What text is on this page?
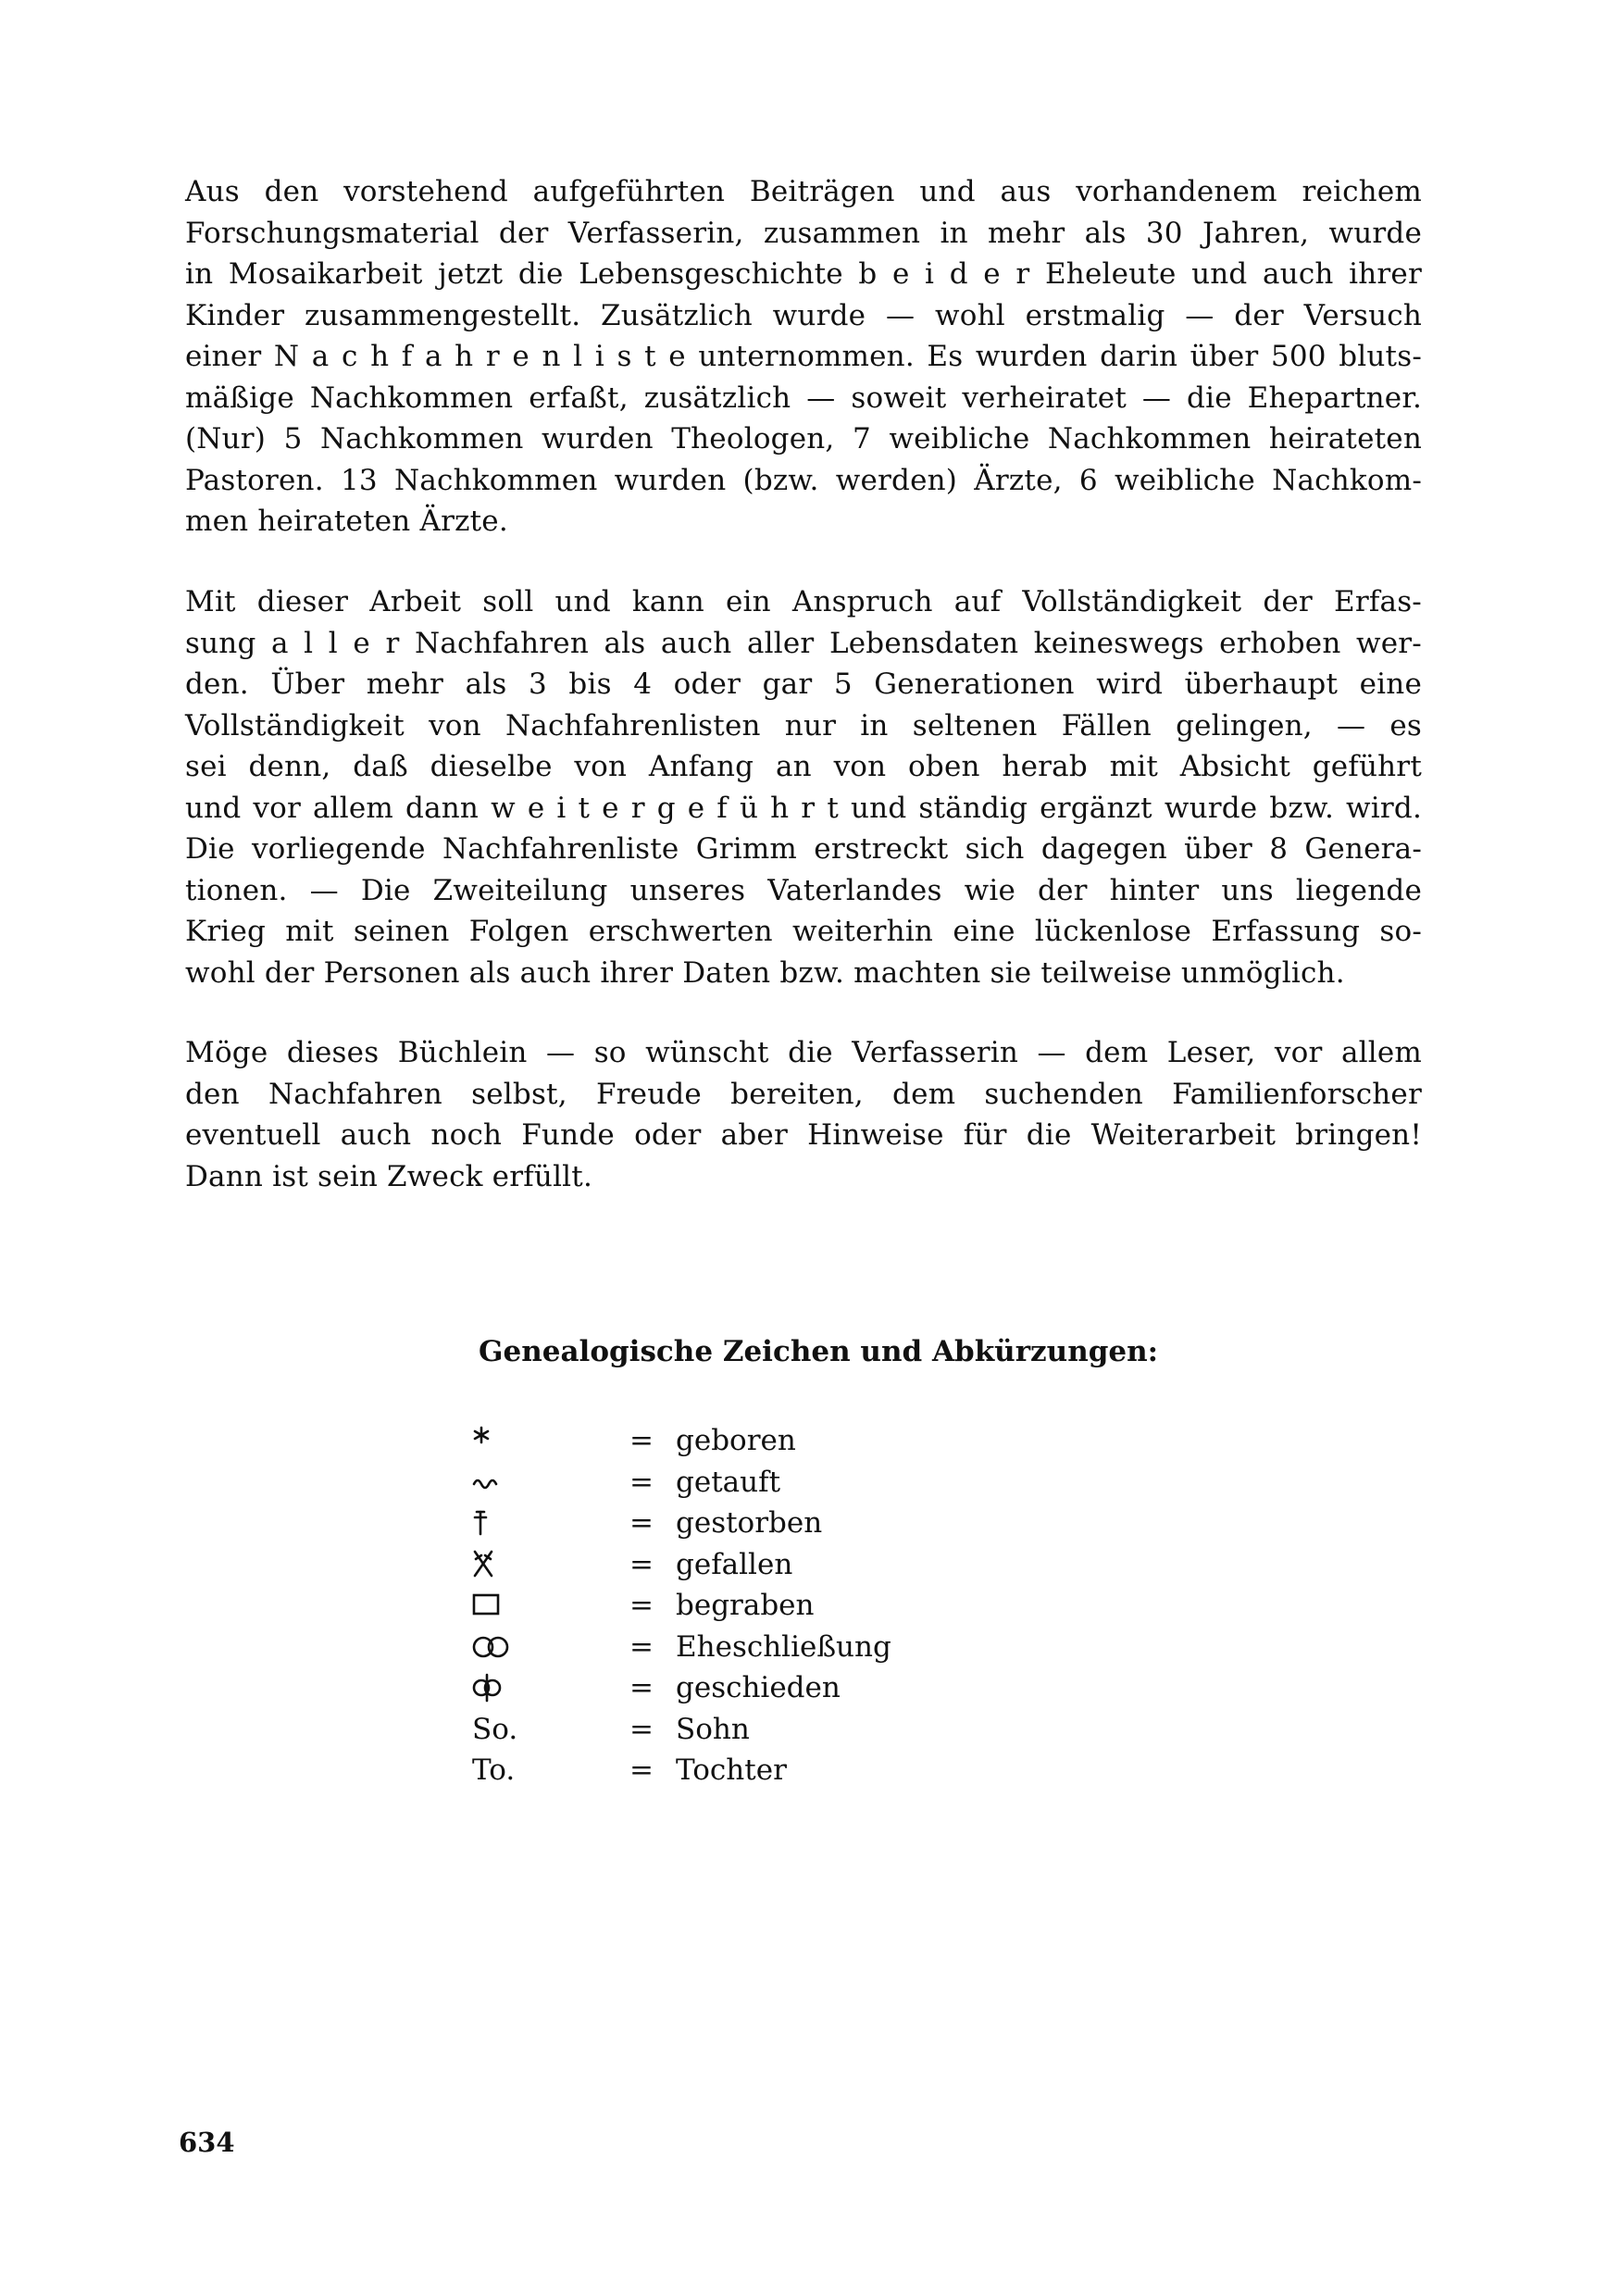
Aus den vorstehend aufgeführten Beiträgen und aus vorhandenem reichem
Forschungsmaterial der Verfasserin, zusammen in mehr als 30 Jahren, wurde
in Mosaikarbeit jetzt die Lebensgeschichte b e i d e r Eheleute und auch ihrer
Kinder zusammengestellt. Zusätzlich wurde — wohl erstmalig — der Versuch
einer N a c h f a h r e n l i s t e unternommen. Es wurden darin über 500 bluts-
mäßige Nachkommen erfaßt, zusätzlich — soweit verheiratet — die Ehepartner.
(Nur) 5 Nachkommen wurden Theologen, 7 weibliche Nachkommen heirateten
Pastoren. 13 Nachkommen wurden (bzw. werden) Ärzte, 6 weibliche Nachkom-
men heirateten Ärzte.
Mit dieser Arbeit soll und kann ein Anspruch auf Vollständigkeit der Erfas-
sung a l l e r Nachfahren als auch aller Lebensdaten keineswegs erhoben wer-
den. Über mehr als 3 bis 4 oder gar 5 Generationen wird überhaupt eine
Vollständigkeit von Nachfahrenlisten nur in seltenen Fällen gelingen, — es
sei denn, daß dieselbe von Anfang an von oben herab mit Absicht geführt
und vor allem dann w e i t e r g e f ü h r t und ständig ergänzt wurde bzw. wird.
Die vorliegende Nachfahrenliste Grimm erstreckt sich dagegen über 8 Genera-
tionen. — Die Zweiteilung unseres Vaterlandes wie der hinter uns liegende
Krieg mit seinen Folgen erschwerten weiterhin eine lückenlose Erfassung so-
wohl der Personen als auch ihrer Daten bzw. machten sie teilweise unmöglich.
Möge dieses Büchlein — so wünscht die Verfasserin — dem Leser, vor allem
den Nachfahren selbst, Freude bereiten, dem suchenden Familienforscher
eventuell auch noch Funde oder aber Hinweise für die Weiterarbeit bringen!
Dann ist sein Zweck erfüllt.
Genealogische Zeichen und Abkürzungen:
= geboren
= getauft
= gestorben
= gefallen
= begraben
= Eheschließung
= geschieden
So.	= Sohn
To.	= Tochter

634
